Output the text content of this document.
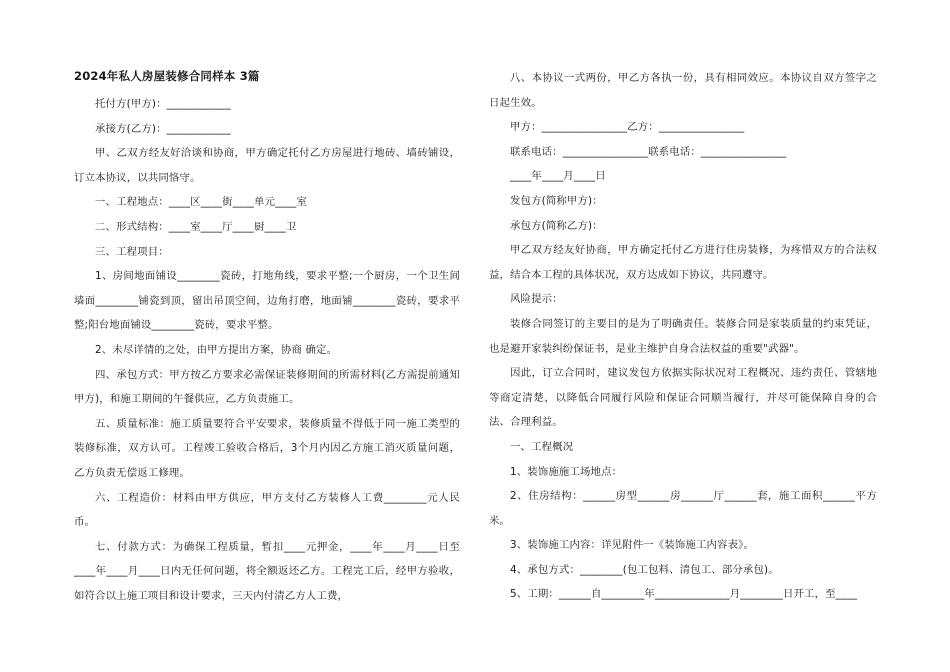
2024年私人房屋装修合同样本 3篇

托付方(甲方)：____________

承接方(乙方)：____________

甲、乙双方经友好洽谈和协商，甲方确定托付乙方房屋进行地砖、墙砖铺设，订立本协议，以共同恪守。

一、工程地点：____区____街____单元____室

二、形式结构：____室____厅____厨____卫

三、工程项目：

1、房间地面铺设________瓷砖，打地角线，要求平整;一个厨房，一个卫生间墙面________铺瓷到顶，留出吊顶空间，边角打磨，地面铺________瓷砖，要求平整;阳台地面铺设________瓷砖，要求平整。

2、未尽详情的之处，由甲方提出方案，协商 确定。

四、承包方式：甲方按乙方要求必需保证装修期间的所需材料(乙方需提前通知甲方)，和施工期间的午餐供应，乙方负责施工。

五、质量标准：施工质量要符合平安要求，装修质量不得低于同一施工类型的装修标准，双方认可。工程竣工验收合格后，3个月内因乙方施工消灭质量问题，乙方负责无偿返工修理。

六、工程造价：材料由甲方供应，甲方支付乙方装修人工费________元人民币。

七、付款方式：为确保工程质量，暂扣____元押金，____年____月____日至____年____月____日内无任何问题，将全额返还乙方。工程完工后，经甲方验收，如符合以上施工项目和设计要求，三天内付清乙方人工费，

八、本协议一式两份，甲乙方各执一份，具有相同效应。本协议自双方签字之日起生效。

甲方：________________乙方：________________

联系电话：________________联系电话：________________

____年____月____日

发包方(简称甲方)：

承包方(简称乙方)：

甲乙双方经友好协商，甲方确定托付乙方进行住房装修，为疼惜双方的合法权益，结合本工程的具体状况，双方达成如下协议，共同遵守。

风险提示：

装修合同签订的主要目的是为了明确责任。装修合同是家装质量的约束凭证，也是避开家装纠纷保证书，是业主维护自身合法权益的重要"武器"。

因此，订立合同时，建议发包方依据实际状况对工程概况、违约责任、管辖地等商定清楚，以降低合同履行风险和保证合同顺当履行，并尽可能保障自身的合法、合理利益。

一、工程概况

1、装饰施施工场地点：

2、住房结构：______房型______房______厅______套，施工面积______平方米。

3、装饰施工内容：详见附件一《装饰施工内容表》。

4、承包方式：________(包工包料、清包工、部分承包)。

5、工期：______自________年______________月________日开工，至____
